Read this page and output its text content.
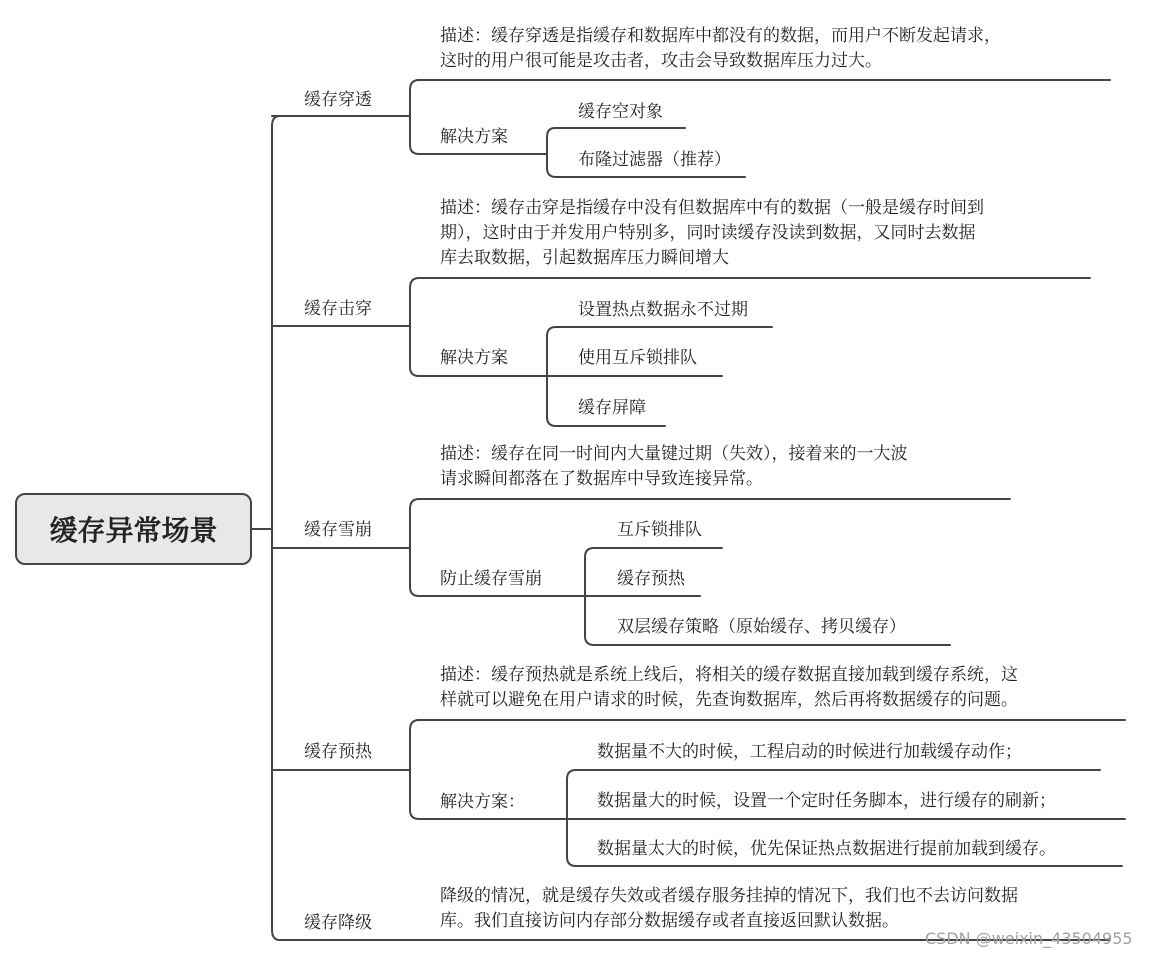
缓存异常场景
缓存穿透
描述：缓存穿透是指缓存和数据库中都没有的数据，而用户不断发起请求，
这时的用户很可能是攻击者，攻击会导致数据库压力过大。
解决方案
缓存空对象
布隆过滤器（推荐）
缓存击穿
描述：缓存击穿是指缓存中没有但数据库中有的数据（一般是缓存时间到
期），这时由于并发用户特别多，同时读缓存没读到数据，又同时去数据
库去取数据，引起数据库压力瞬间增大
解决方案
设置热点数据永不过期
使用互斥锁排队
缓存屏障
缓存雪崩
描述：缓存在同一时间内大量键过期（失效），接着来的一大波
请求瞬间都落在了数据库中导致连接异常。
防止缓存雪崩
互斥锁排队
缓存预热
双层缓存策略（原始缓存、拷贝缓存）
缓存预热
描述：缓存预热就是系统上线后，将相关的缓存数据直接加载到缓存系统，这
样就可以避免在用户请求的时候，先查询数据库，然后再将数据缓存的问题。
解决方案：
数据量不大的时候，工程启动的时候进行加载缓存动作；
数据量大的时候，设置一个定时任务脚本，进行缓存的刷新；
数据量太大的时候，优先保证热点数据进行提前加载到缓存。
缓存降级
降级的情况，就是缓存失效或者缓存服务挂掉的情况下，我们也不去访问数据
库。我们直接访问内存部分数据缓存或者直接返回默认数据。
CSDN @weixin_43504955
